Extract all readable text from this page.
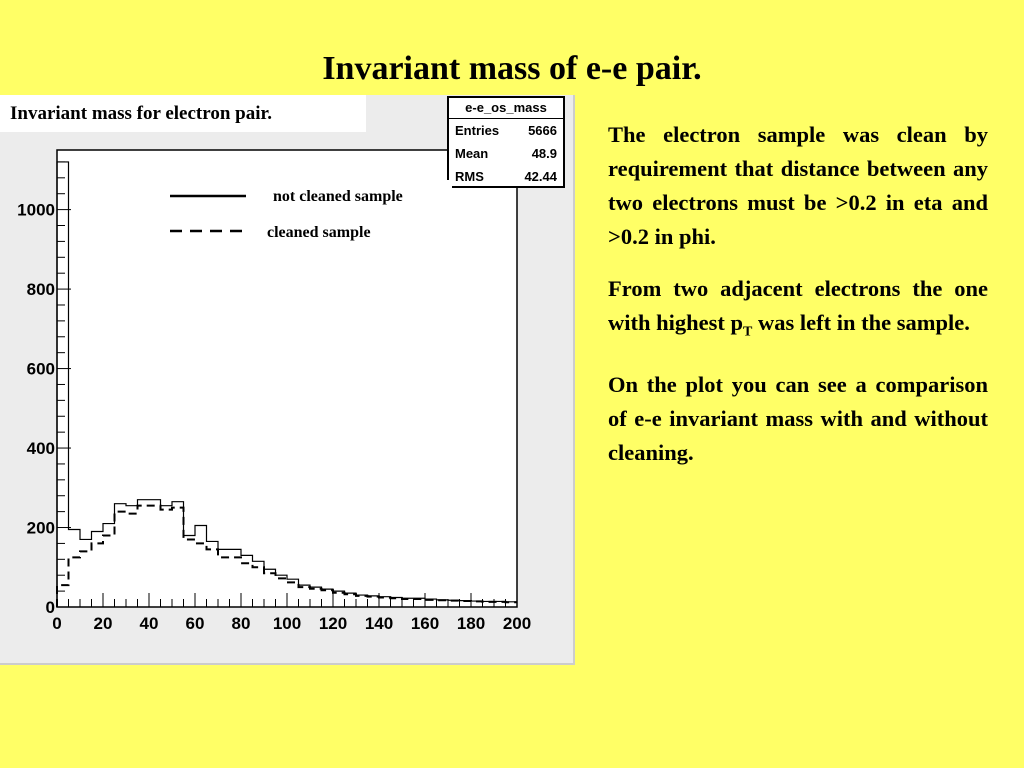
Invariant mass of e-e pair.
0 20 40 60 80 100 120 140 160 180 200
0
200
400
600
800
1000
Invariant mass for electron pair.	e-e_os_mass
Entries 5666
Mean	48.9
RMS	42.44
not cleaned sample
cleaned sample

The electron sample was clean by requirement that distance between any two electrons must be >0.2 in eta and >0.2 in phi.

From two adjacent electrons the one with highest $p_T$ was left in the sample.

On the plot you can see a comparison of e-e invariant mass with and without cleaning.
